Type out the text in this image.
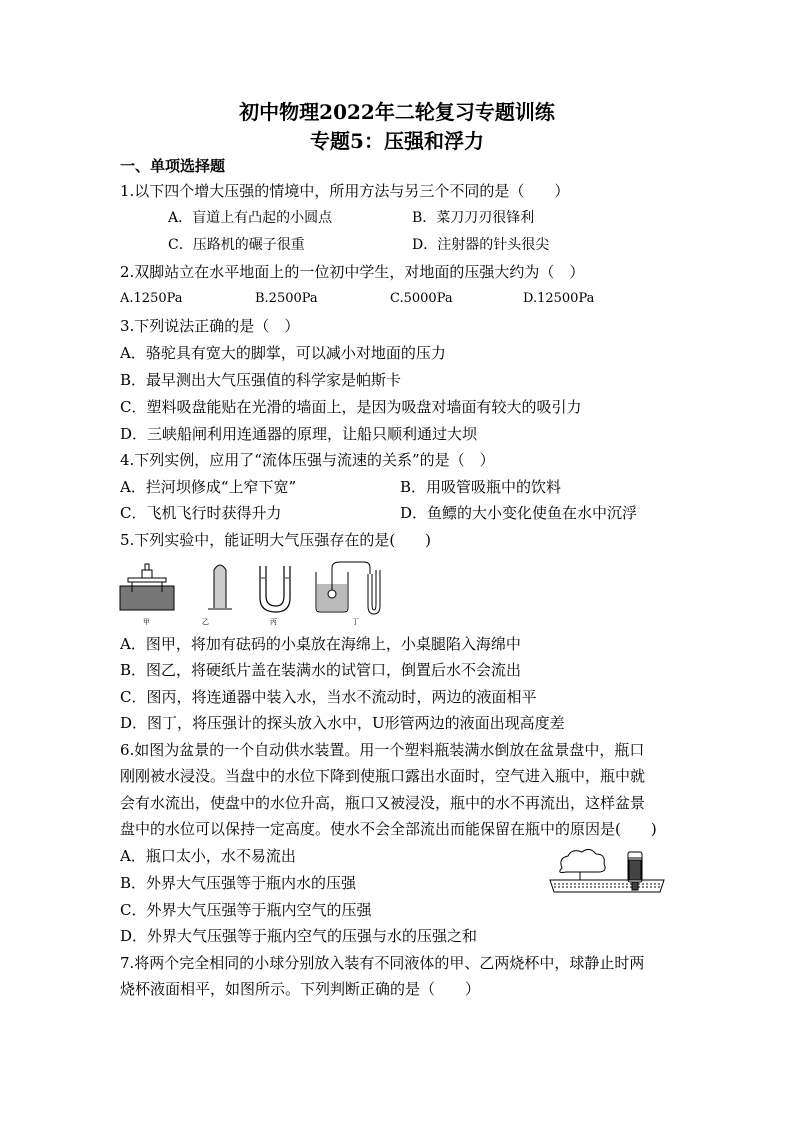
初中物理2022年二轮复习专题训练
专题5：压强和浮力
一、单项选择题
1.以下四个增大压强的情境中，所用方法与另三个不同的是（　　）
A．盲道上有凸起的小圆点	B．菜刀刀刃很锋利
C．压路机的碾子很重	D．注射器的针头很尖
2.双脚站立在水平地面上的一位初中学生，对地面的压强大约为（　）
A.1250Pa	B.2500Pa	C.5000Pa	D.12500Pa
3.下列说法正确的是（　）
A．骆驼具有宽大的脚掌，可以减小对地面的压力
B．最早测出大气压强值的科学家是帕斯卡
C．塑料吸盘能贴在光滑的墙面上，是因为吸盘对墙面有较大的吸引力
D．三峡船闸利用连通器的原理，让船只顺利通过大坝
4.下列实例，应用了“流体压强与流速的关系”的是（　）
A．拦河坝修成“上窄下宽”	B．用吸管吸瓶中的饮料
C．飞机飞行时获得升力	D．鱼鳔的大小变化使鱼在水中沉浮
5.下列实验中，能证明大气压强存在的是(　　)
甲	乙	丙	丁
A．图甲，将加有砝码的小桌放在海绵上，小桌腿陷入海绵中
B．图乙，将硬纸片盖在装满水的试管口，倒置后水不会流出
C．图丙，将连通器中装入水，当水不流动时，两边的液面相平
D．图丁，将压强计的探头放入水中，U形管两边的液面出现高度差
6.如图为盆景的一个自动供水装置。用一个塑料瓶装满水倒放在盆景盘中，瓶口
刚刚被水浸没。当盘中的水位下降到使瓶口露出水面时，空气进入瓶中，瓶中就
会有水流出，使盘中的水位升高，瓶口又被浸没，瓶中的水不再流出，这样盆景
盘中的水位可以保持一定高度。使水不会全部流出而能保留在瓶中的原因是(　　)
A．瓶口太小，水不易流出
B．外界大气压强等于瓶内水的压强
C．外界大气压强等于瓶内空气的压强
D．外界大气压强等于瓶内空气的压强与水的压强之和
7.将两个完全相同的小球分别放入装有不同液体的甲、乙两烧杯中，球静止时两
烧杯液面相平，如图所示。下列判断正确的是（　　）
